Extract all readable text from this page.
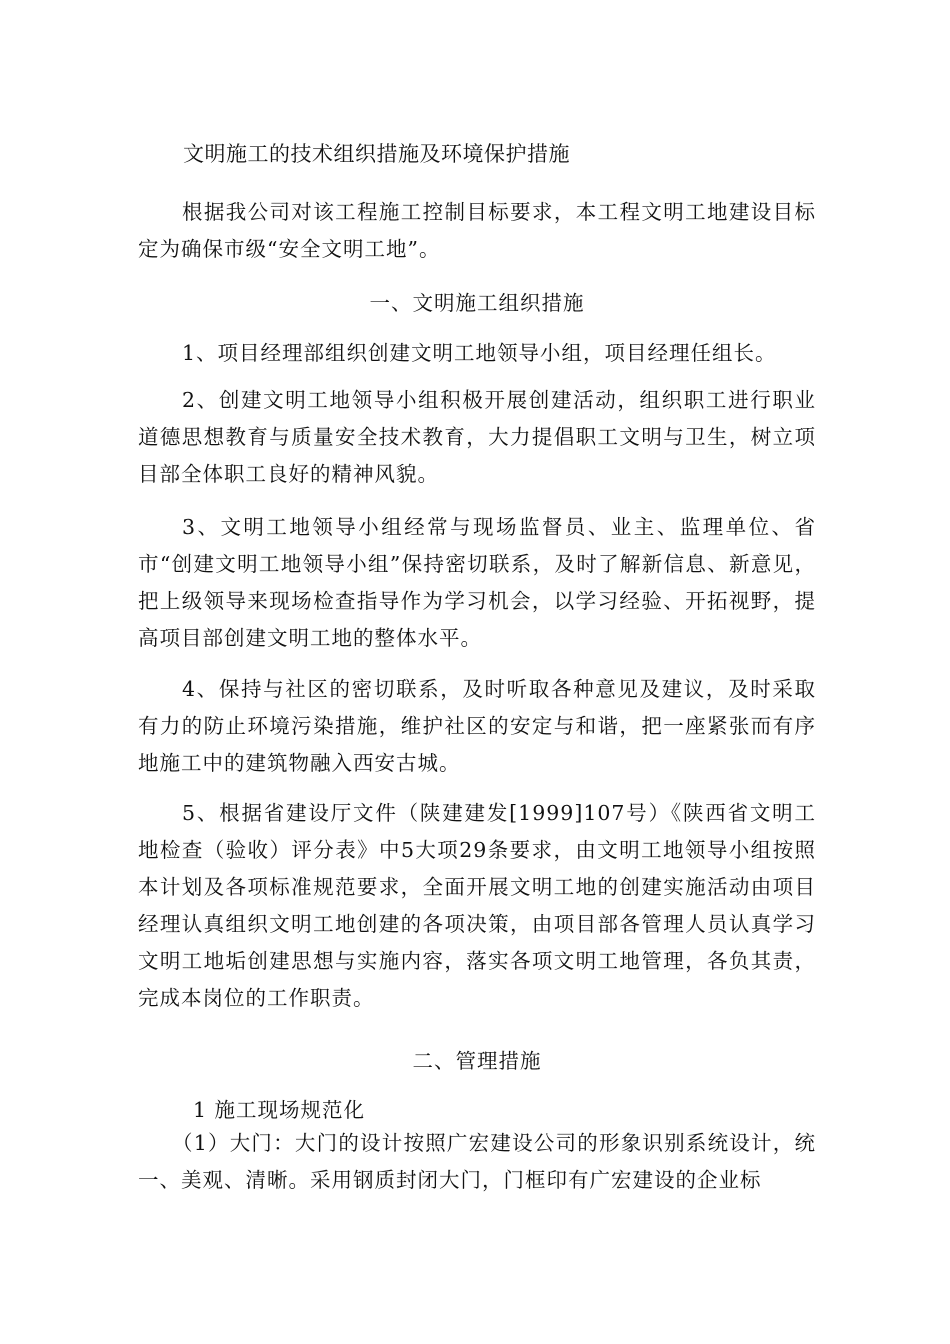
文明施工的技术组织措施及环境保护措施

根据我公司对该工程施工控制目标要求，本工程文明工地建设目标定为确保市级“安全文明工地”。

一、文明施工组织措施

1、项目经理部组织创建文明工地领导小组，项目经理任组长。

2、创建文明工地领导小组积极开展创建活动，组织职工进行职业道德思想教育与质量安全技术教育，大力提倡职工文明与卫生，树立项目部全体职工良好的精神风貌。

3、文明工地领导小组经常与现场监督员、业主、监理单位、省市“创建文明工地领导小组”保持密切联系，及时了解新信息、新意见，把上级领导来现场检查指导作为学习机会，以学习经验、开拓视野，提高项目部创建文明工地的整体水平。

4、保持与社区的密切联系，及时听取各种意见及建议，及时采取有力的防止环境污染措施，维护社区的安定与和谐，把一座紧张而有序地施工中的建筑物融入西安古城。

5、根据省建设厅文件（陕建建发[1999]107号）《陕西省文明工地检查（验收）评分表》中5大项29条要求，由文明工地领导小组按照本计划及各项标准规范要求，全面开展文明工地的创建实施活动由项目经理认真组织文明工地创建的各项决策，由项目部各管理人员认真学习文明工地垢创建思想与实施内容，落实各项文明工地管理，各负其责，完成本岗位的工作职责。

二、管理措施
1 施工现场规范化

（1）大门：大门的设计按照广宏建设公司的形象识别系统设计，统一、美观、清晰。采用钢质封闭大门，门框印有广宏建设的企业标
